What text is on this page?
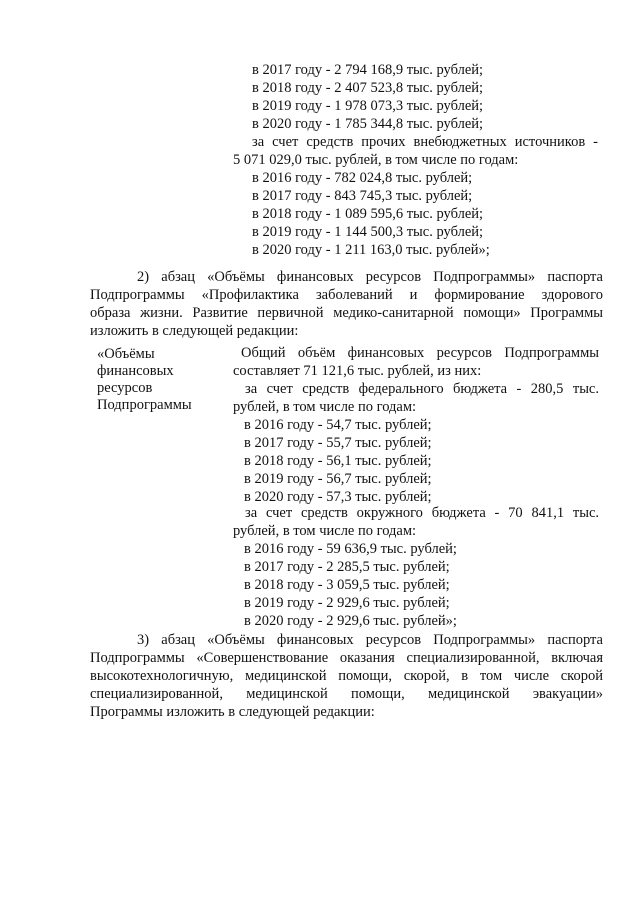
в 2017 году - 2 794 168,9 тыс. рублей;
в 2018 году - 2 407 523,8 тыс. рублей;
в 2019 году - 1 978 073,3 тыс. рублей;
в 2020 году - 1 785 344,8 тыс. рублей;
за счет средств прочих внебюджетных источников -
5 071 029,0 тыс. рублей, в том числе по годам:
в 2016 году - 782 024,8 тыс. рублей;
в 2017 году - 843 745,3 тыс. рублей;
в 2018 году - 1 089 595,6 тыс. рублей;
в 2019 году - 1 144 500,3 тыс. рублей;
в 2020 году - 1 211 163,0 тыс. рублей»;
2) абзац «Объёмы финансовых ресурсов Подпрограммы» паспорта
Подпрограммы «Профилактика заболеваний и формирование здорового
образа жизни. Развитие первичной медико-санитарной помощи» Программы
изложить в следующей редакции:
«Объёмы
финансовых
ресурсов
Подпрограммы
Общий объём финансовых ресурсов Подпрограммы
составляет 71 121,6 тыс. рублей, из них:
за счет средств федерального бюджета - 280,5 тыс.
рублей, в том числе по годам:
в 2016 году - 54,7 тыс. рублей;
в 2017 году - 55,7 тыс. рублей;
в 2018 году - 56,1 тыс. рублей;
в 2019 году - 56,7 тыс. рублей;
в 2020 году - 57,3 тыс. рублей;
за счет средств окружного бюджета - 70 841,1 тыс.
рублей, в том числе по годам:
в 2016 году - 59 636,9 тыс. рублей;
в 2017 году - 2 285,5 тыс. рублей;
в 2018 году - 3 059,5 тыс. рублей;
в 2019 году - 2 929,6 тыс. рублей;
в 2020 году - 2 929,6 тыс. рублей»;
3) абзац «Объёмы финансовых ресурсов Подпрограммы» паспорта
Подпрограммы «Совершенствование оказания специализированной, включая
высокотехнологичную, медицинской помощи, скорой, в том числе скорой
специализированной, медицинской помощи, медицинской эвакуации»
Программы изложить в следующей редакции:
